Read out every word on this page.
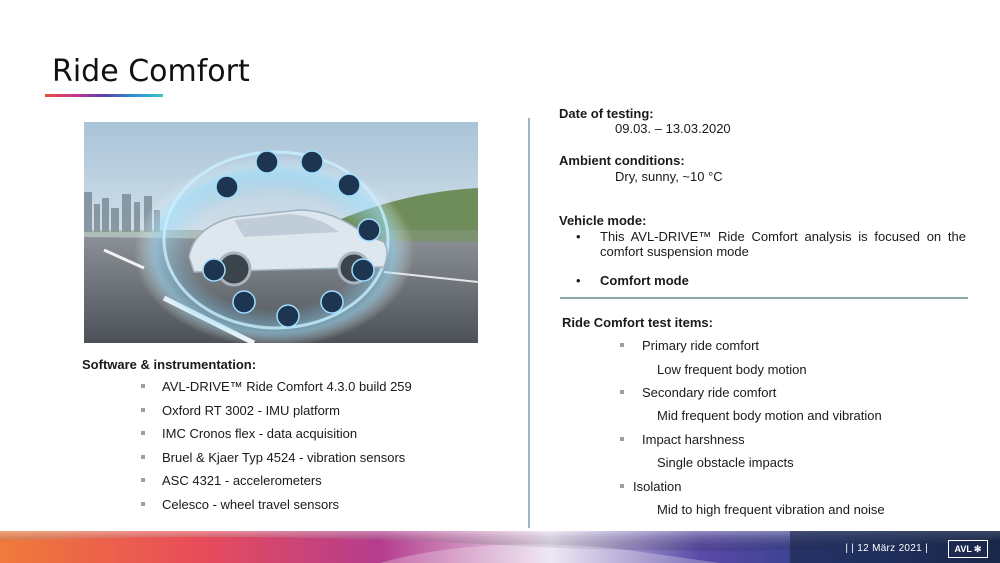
Ride Comfort
Software & instrumentation:
AVL-DRIVE™ Ride Comfort 4.3.0 build 259
Oxford RT 3002 - IMU platform
IMC Cronos flex - data acquisition
Bruel & Kjaer Typ 4524 - vibration sensors
ASC 4321 - accelerometers
Celesco - wheel travel sensors
Date of testing:
09.03. – 13.03.2020
Ambient conditions:
Dry, sunny, ~10 °C
Vehicle mode:
• This AVL-DRIVE™ Ride Comfort analysis is focused on the comfort suspension mode
• Comfort mode
Ride Comfort test items:
Primary ride comfort
Low frequent body motion
Secondary ride comfort
Mid frequent body motion and vibration
Impact harshness
Single obstacle impacts
Isolation
Mid to high frequent vibration and noise
| | 12 März 2021 |	AVL ✻
